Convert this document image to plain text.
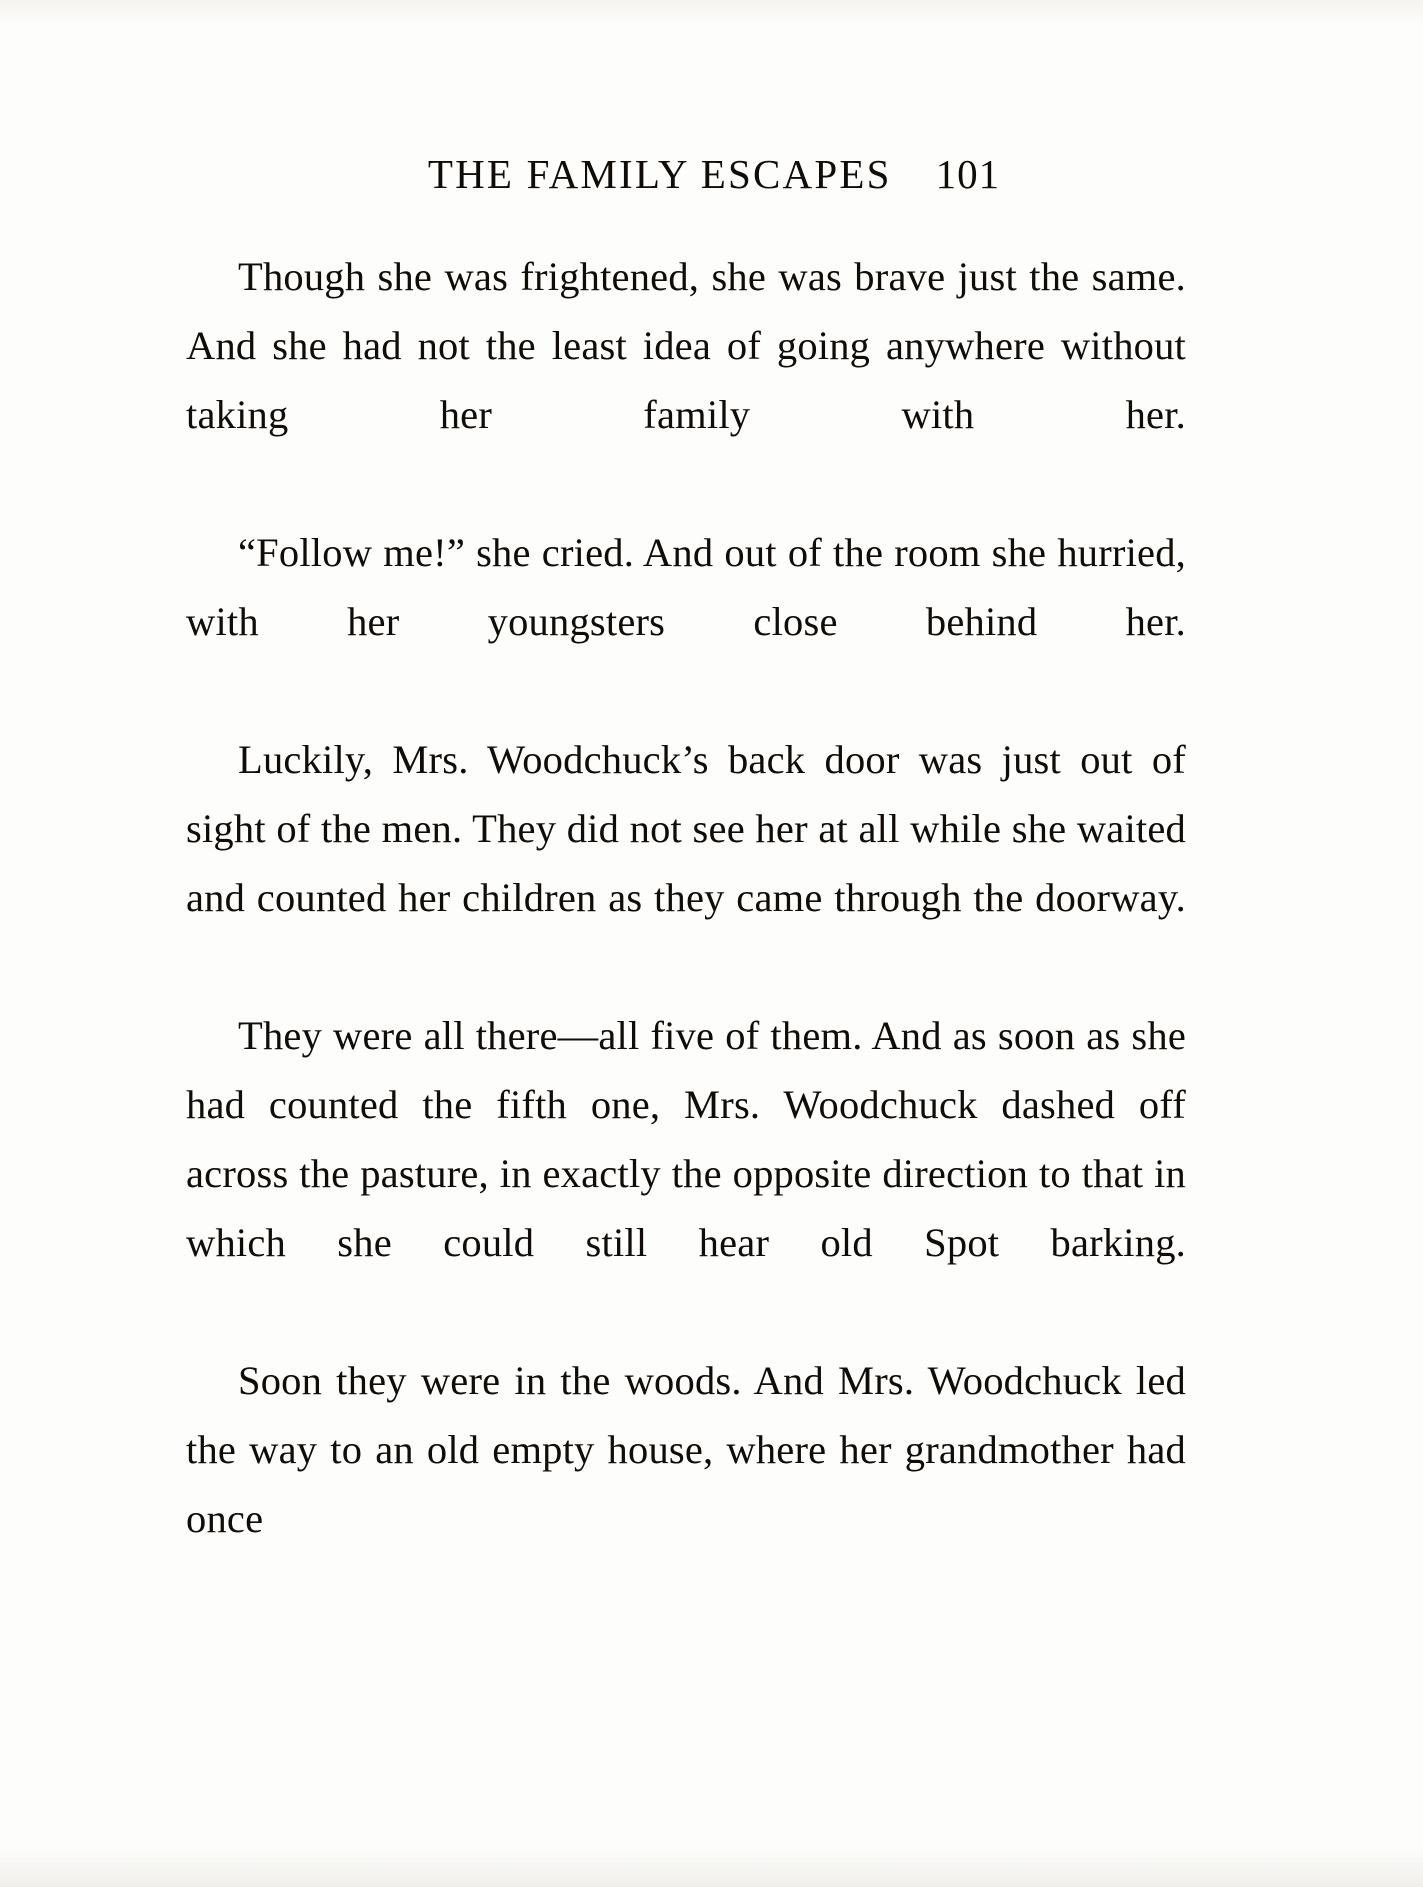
THE FAMILY ESCAPES 101

Though she was frightened, she was brave just the same. And she had not the least idea of going anywhere without taking her family with her.

“Follow me!” she cried. And out of the room she hurried, with her youngsters close behind her.

Luckily, Mrs. Woodchuck’s back door was just out of sight of the men. They did not see her at all while she waited and counted her children as they came through the doorway.

They were all there—all five of them. And as soon as she had counted the fifth one, Mrs. Woodchuck dashed off across the pasture, in exactly the opposite direction to that in which she could still hear old Spot barking.

Soon they were in the woods. And Mrs. Woodchuck led the way to an old empty house, where her grandmother had once
